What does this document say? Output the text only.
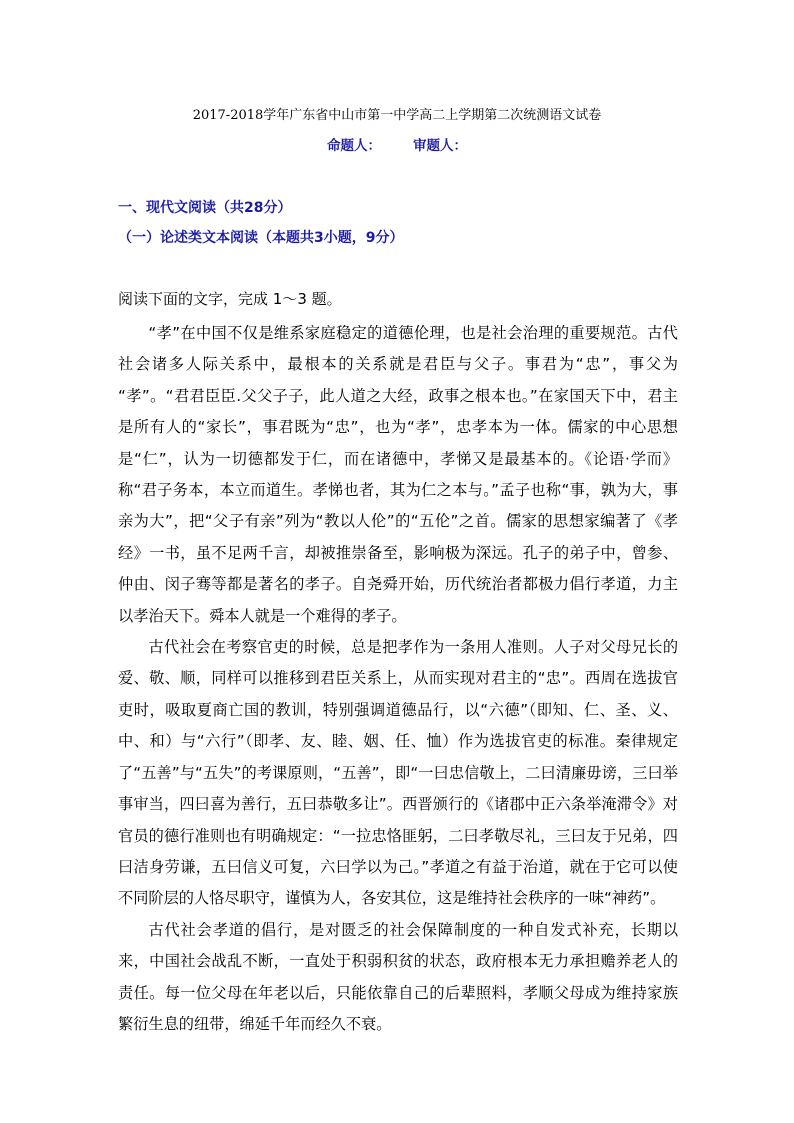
2017-2018学年广东省中山市第一中学高二上学期第二次统测语文试卷
命题人： 审题人：
一、现代文阅读（共28分）
（一）论述类文本阅读（本题共3小题，9分）
阅读下面的文字，完成 1～3 题。

“孝”在中国不仅是维系家庭稳定的道德伦理，也是社会治理的重要规范。古代社会诸多人际关系中，最根本的关系就是君臣与父子。事君为“忠”，事父为 “孝”。“君君臣臣.父父子子，此人道之大经，政事之根本也。”在家国天下中，君主是所有人的“家长”，事君既为“忠”，也为“孝”，忠孝本为一体。儒家的中心思想是“仁”，认为一切德都发于仁，而在诸德中，孝悌又是最基本的。《论语·学而》称“君子务本，本立而道生。孝悌也者，其为仁之本与。”孟子也称“事，孰为大，事亲为大”，把“父子有亲”列为“教以人伦”的“五伦”之首。儒家的思想家编著了《孝经》一书，虽不足两千言，却被推崇备至，影响极为深远。孔子的弟子中，曾参、仲由、闵子骞等都是著名的孝子。自尧舜开始，历代统治者都极力倡行孝道，力主以孝治天下。舜本人就是一个难得的孝子。

古代社会在考察官吏的时候，总是把孝作为一条用人准则。人子对父母兄长的爱、敬、顺，同样可以推移到君臣关系上，从而实现对君主的“忠”。西周在选拔官吏时，吸取夏商亡国的教训，特别强调道德品行，以“六德”（即知、仁、圣、义、中、和）与“六行”（即孝、友、睦、姻、任、恤）作为选拔官吏的标准。秦律规定了“五善”与“五失”的考课原则，“五善”，即“一曰忠信敬上，二曰清廉毋谤，三曰举事审当，四曰喜为善行，五曰恭敬多让”。西晋颁行的《诸郡中正六条举淹滞令》对官员的德行准则也有明确规定：“一拉忠恪匪躬，二曰孝敬尽礼，三曰友于兄弟，四曰洁身劳谦，五曰信义可复，六曰学以为己。”孝道之有益于治道，就在于它可以使不同阶层的人恪尽职守，谨慎为人，各安其位，这是维持社会秩序的一味“神药”。

古代社会孝道的倡行，是对匮乏的社会保障制度的一种自发式补充，长期以来，中国社会战乱不断，一直处于积弱积贫的状态，政府根本无力承担赡养老人的责任。每一位父母在年老以后，只能依靠自己的后辈照料，孝顺父母成为维持家族繁衍生息的纽带，绵延千年而经久不衰。
